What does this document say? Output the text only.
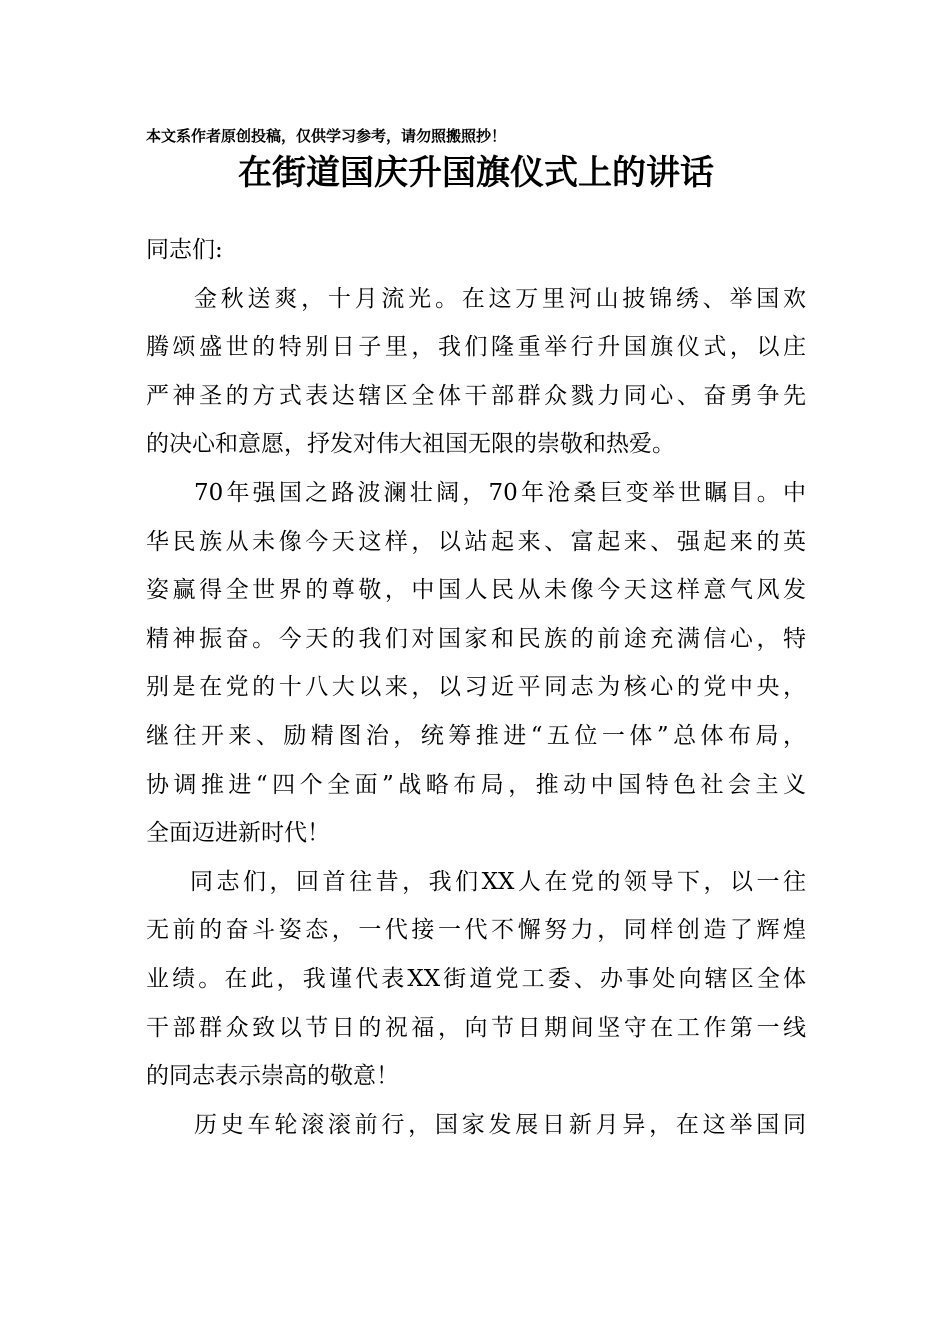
本文系作者原创投稿，仅供学习参考，请勿照搬照抄！
在街道国庆升国旗仪式上的讲话
同志们:
金秋送爽，十月流光。在这万里河山披锦绣、举国欢
腾颂盛世的特别日子里，我们隆重举行升国旗仪式，以庄
严神圣的方式表达辖区全体干部群众戮力同心、奋勇争先
的决心和意愿，抒发对伟大祖国无限的崇敬和热爱。
70年强国之路波澜壮阔，70年沧桑巨变举世瞩目。中
华民族从未像今天这样，以站起来、富起来、强起来的英
姿赢得全世界的尊敬，中国人民从未像今天这样意气风发
精神振奋。今天的我们对国家和民族的前途充满信心，特
别是在党的十八大以来，以习近平同志为核心的党中央，
继往开来、励精图治，统筹推进“五位一体”总体布局，
协调推进“四个全面”战略布局，推动中国特色社会主义
全面迈进新时代！
同志们，回首往昔，我们XX人在党的领导下，以一往
无前的奋斗姿态，一代接一代不懈努力，同样创造了辉煌
业绩。在此，我谨代表XX街道党工委、办事处向辖区全体
干部群众致以节日的祝福，向节日期间坚守在工作第一线
的同志表示崇高的敬意！
历史车轮滚滚前行，国家发展日新月异，在这举国同
